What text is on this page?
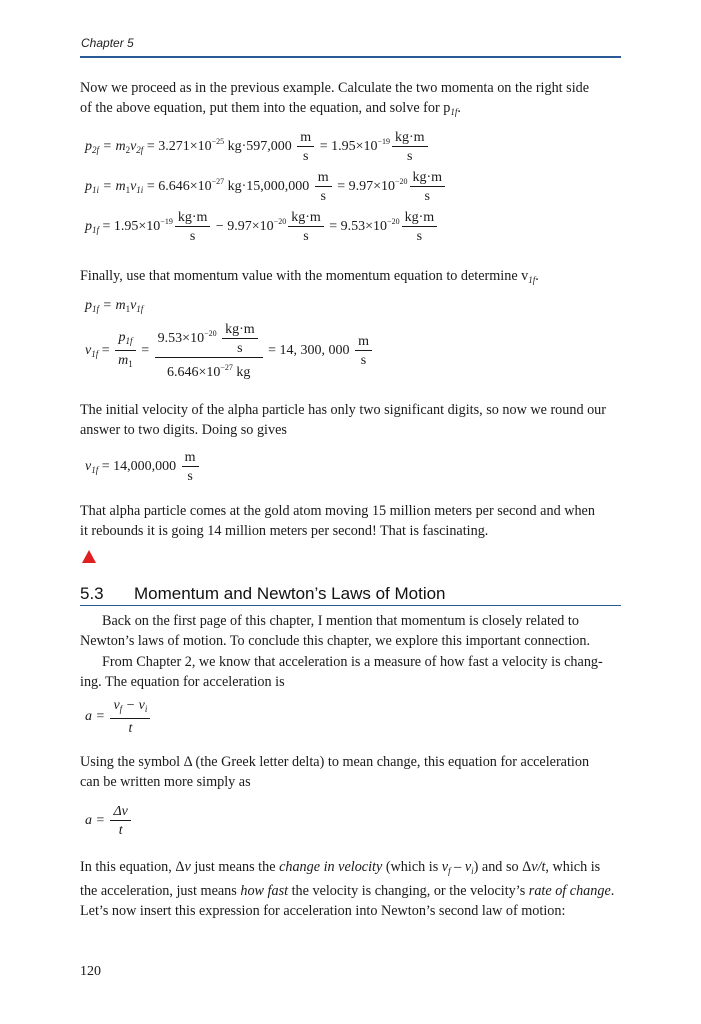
Chapter 5
Now we proceed as in the previous example. Calculate the two momenta on the right side
of the above equation, put them into the equation, and solve for $p_{1f}$.
$p_{2f} = m_2v_{2f} = 3.271\times 10^{-25}$ $kg\cdot 597,000 \frac{m}{s} = 1.95\times 10^{-19} \frac{kg\cdot m}{s}$
$p_{1i} = m_1v_{1i} = 6.646\times 10^{-27}$ $kg\cdot 15,000,000 \frac{m}{s} = 9.97\times 10^{-20} \frac{kg\cdot m}{s}$
$p_{1f} = 1.95\times 10^{-19} \frac{kg\cdot m}{s} - 9.97\times 10^{-20} \frac{kg\cdot m}{s} = 9.53\times 10^{-20} \frac{kg\cdot m}{s}$
Finally, use that momentum value with the momentum equation to determine $v_{1f}$.
$p_{1f} = m_1v_{1f}$
$v_{1f} = \frac{p_{1f}}{m_1} = \frac{9.53\times 10^{-20} \frac{kg\cdot m}{s}}{6.646\times 10^{-27} kg} = 14$, 300, $000 \frac{m}{s}$
The initial velocity of the alpha particle has only two significant digits, so now we round our
answer to two digits. Doing so gives
$v_{1f} = 14,000,000 \frac{m}{s}$
That alpha particle comes at the gold atom moving 15 million meters per second and when
it rebounds it is going 14 million meters per second! That is fascinating.
5.3 Momentum and Newton’s Laws of Motion
Back on the first page of this chapter, I mention that momentum is closely related to
Newton’s laws of motion. To conclude this chapter, we explore this important connection.
From Chapter 2, we know that acceleration is a measure of how fast a velocity is chang-
ing. The equation for acceleration is
$a = \frac{v_f - v_i}{t}$
Using the symbol Δ (the Greek letter delta) to mean change, this equation for acceleration
can be written more simply as
$a = \frac{\Delta v}{t}$
In this equation, Δv just means the change in velocity (which is $v_f - v_i$) and so Δv/t, which is
the acceleration, just means how fast the velocity is changing, or the velocity’s rate of change.
Let’s now insert this expression for acceleration into Newton’s second law of motion:
120
